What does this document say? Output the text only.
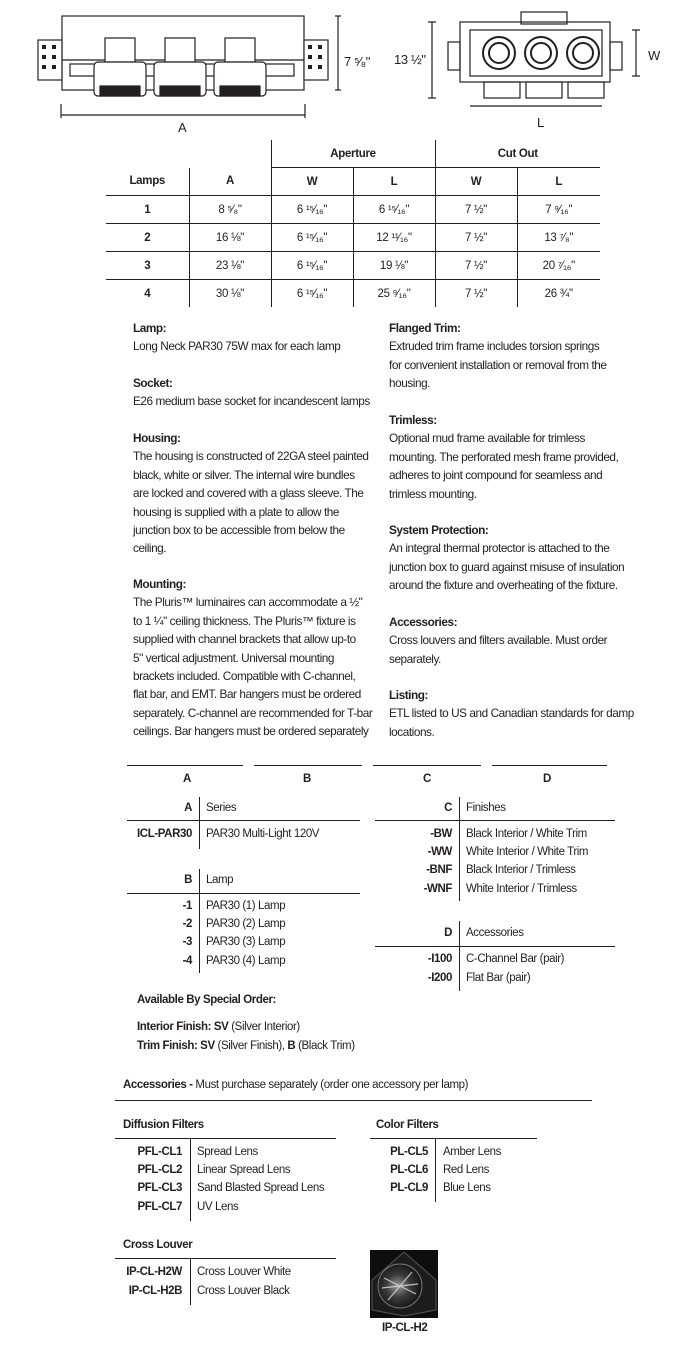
A
7 ⁵⁄₈" 13 ½"	W
L
		Aperture		Cut Out	
Lamps	A	W	L	W	L
1	8 ⁵⁄₈"	6 ¹⁵⁄₁₆"	6 ¹⁵⁄₁₆"	7 ½"	7 ⁹⁄₁₆"
2	16 ⅛"	6 ¹⁵⁄₁₆"	12 ¹¹⁄₁₆"	7 ½"	13 ⁷⁄₈"
3	23 ⅛"	6 ¹⁵⁄₁₆"	19 ⅛"	7 ½"	20 ⁷⁄₁₆"
4	30 ⅛"	6 ¹⁵⁄₁₆"	25 ⁹⁄₁₆"	7 ½"	26 ¾"
Lamp:
Long Neck PAR30 75W max for each lamp
Socket:
E26 medium base socket for incandescent lamps
Housing:
The housing is constructed of 22GA steel painted
black, white or silver. The internal wire bundles
are locked and covered with a glass sleeve. The
housing is supplied with a plate to allow the
junction box to be accessible from below the
ceiling.
Mounting:
The Pluris™ luminaires can accommodate a ½"
to 1 ¼" ceiling thickness. The Pluris™ fixture is
supplied with channel brackets that allow up-to
5" vertical adjustment. Universal mounting
brackets included. Compatible with C-channel,
flat bar, and EMT. Bar hangers must be ordered
separately. C-channel are recommended for T-bar
ceilings. Bar hangers must be ordered separately
Flanged Trim:
Extruded trim frame includes torsion springs
for convenient installation or removal from the
housing.
Trimless:
Optional mud frame available for trimless
mounting. The perforated mesh frame provided,
adheres to joint compound for seamless and
trimless mounting.
System Protection:
An integral thermal protector is attached to the
junction box to guard against misuse of insulation
around the fixture and overheating of the fixture.
Accessories:
Cross louvers and filters available. Must order
separately.
Listing:
ETL listed to US and Canadian standards for damp
locations.
A	B	C	D
A Series
ICL-PAR30 PAR30 Multi-Light 120V
B Lamp
-1 PAR30 (1) Lamp
-2 PAR30 (2) Lamp
-3 PAR30 (3) Lamp
-4 PAR30 (4) Lamp
C Finishes
-BW Black Interior / White Trim
-WW White Interior / White Trim
-BNF Black Interior / Trimless
-WNF White Interior / Trimless
D Accessories
-I100 C-Channel Bar (pair)
-I200 Flat Bar (pair)
Available By Special Order:
Interior Finish: SV (Silver Interior)
Trim Finish: SV (Silver Finish), B (Black Trim)
Accessories - Must purchase separately (order one accessory per lamp)
Diffusion Filters
PFL-CL1 Spread Lens
PFL-CL2 Linear Spread Lens
PFL-CL3 Sand Blasted Spread Lens
PFL-CL7 UV Lens
Color Filters
PL-CL5 Amber Lens
PL-CL6 Red Lens
PL-CL9 Blue Lens
Cross Louver
IP-CL-H2W Cross Louver White
IP-CL-H2B Cross Louver Black
IP-CL-H2
